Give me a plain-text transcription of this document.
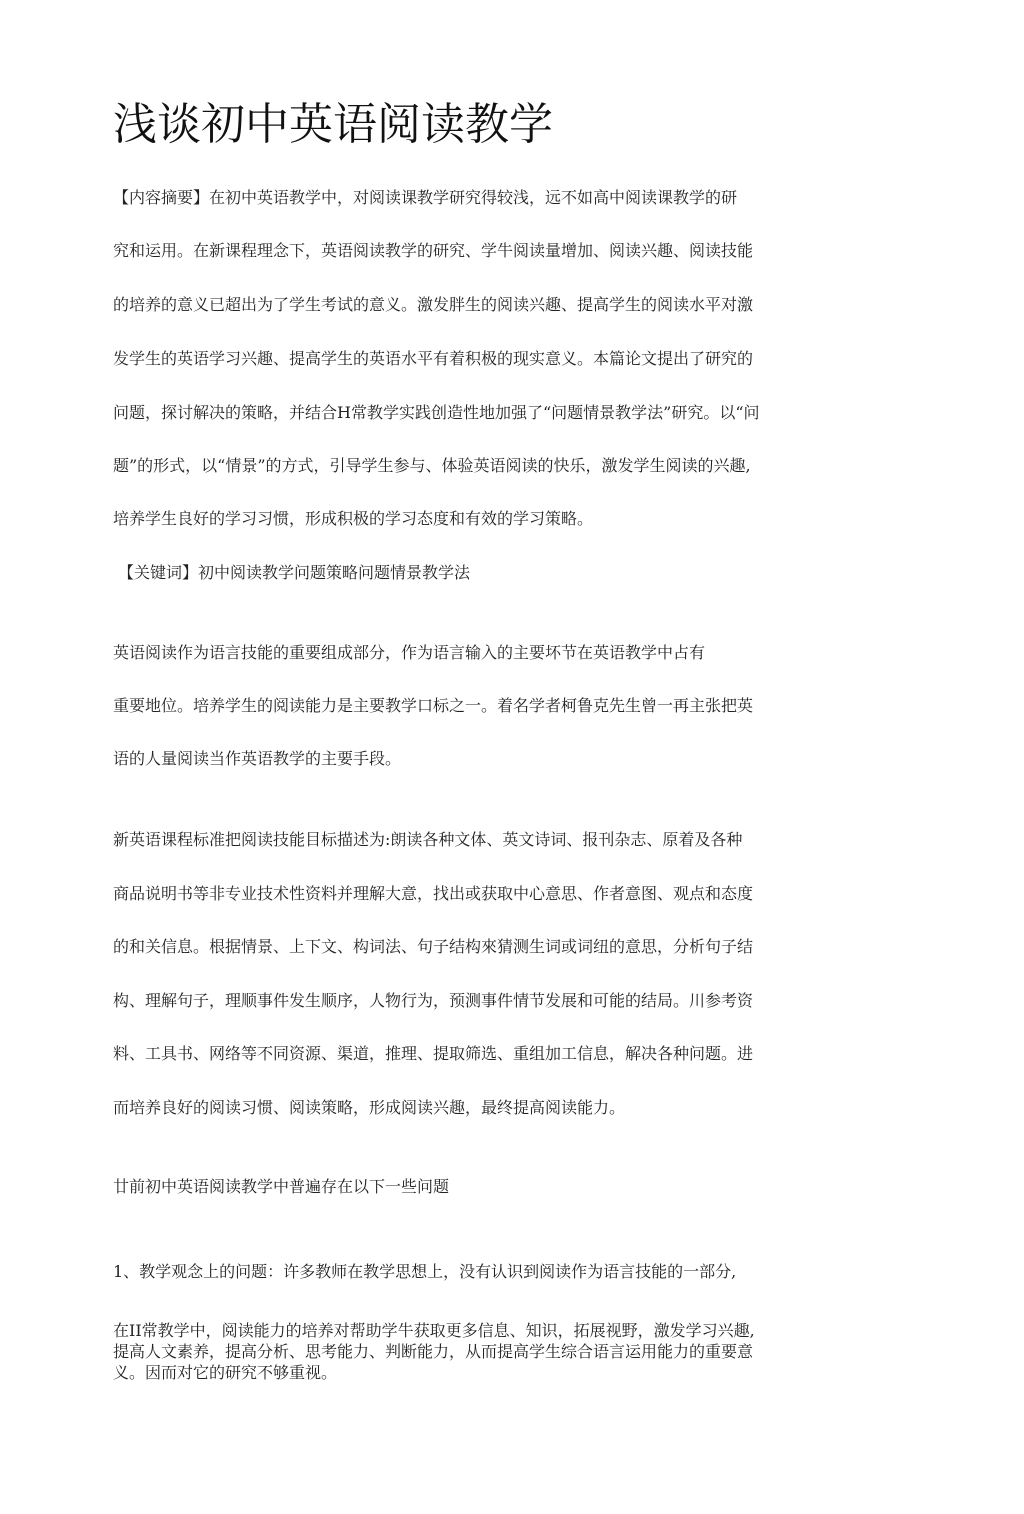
浅谈初中英语阅读教学
【内容摘要】在初中英语教学中，对阅读课教学研究得较浅，远不如高中阅读课教学的研
究和运用。在新课程理念下，英语阅读教学的研究、学牛阅读量增加、阅读兴趣、阅读技能
的培养的意义已超出为了学生考试的意义。激发胖生的阅读兴趣、提高学生的阅读水平对激
发学生的英语学习兴趣、提高学生的英语水平有着积极的现实意义。本篇论文提出了研究的
问题，探讨解决的策略，并结合H常教学实践创造性地加强了“问题情景教学法”研究。以“问
题”的形式，以“情景”的方式，引导学生参与、体验英语阅读的快乐，激发学生阅读的兴趣,
培养学生良好的学习习惯，形成积极的学习态度和有效的学习策略。
【关键词】初中阅读教学问题策略问题情景教学法
英语阅读作为语言技能的重要组成部分，作为语言输入的主要坏节在英语教学中占有
重要地位。培养学生的阅读能力是主要教学口标之一。着名学者柯鲁克先生曾一再主张把英
语的人量阅读当作英语教学的主要手段。
新英语课程标准把阅读技能目标描述为:朗读各种文体、英文诗词、报刊杂志、原着及各种
商品说明书等非专业技术性资料并理解大意，找出或获取中心意思、作者意图、观点和态度
的和关信息。根据情景、上下文、构词法、句子结构來猜测生词或词纽的意思，分析句子结
构、理解句子，理顺事件发生顺序，人物行为，预测事件情节发展和可能的结局。川参考资
料、工具书、网络等不同资源、渠道，推理、提取筛选、重组加工信息，解决各种问题。进
而培养良好的阅读习惯、阅读策略，形成阅读兴趣，最终提高阅读能力。
廿前初中英语阅读教学中普遍存在以下一些问题
1、教学观念上的问题：许多教师在教学思想上，没有认识到阅读作为语言技能的一部分,
在II常教学中，阅读能力的培养对帮助学牛获取更多信息、知识，拓展视野，激发学习兴趣,
提高人文素养，提高分析、思考能力、判断能力，从而提高学生综合语言运用能力的重要意
义。因而对它的研究不够重视。
